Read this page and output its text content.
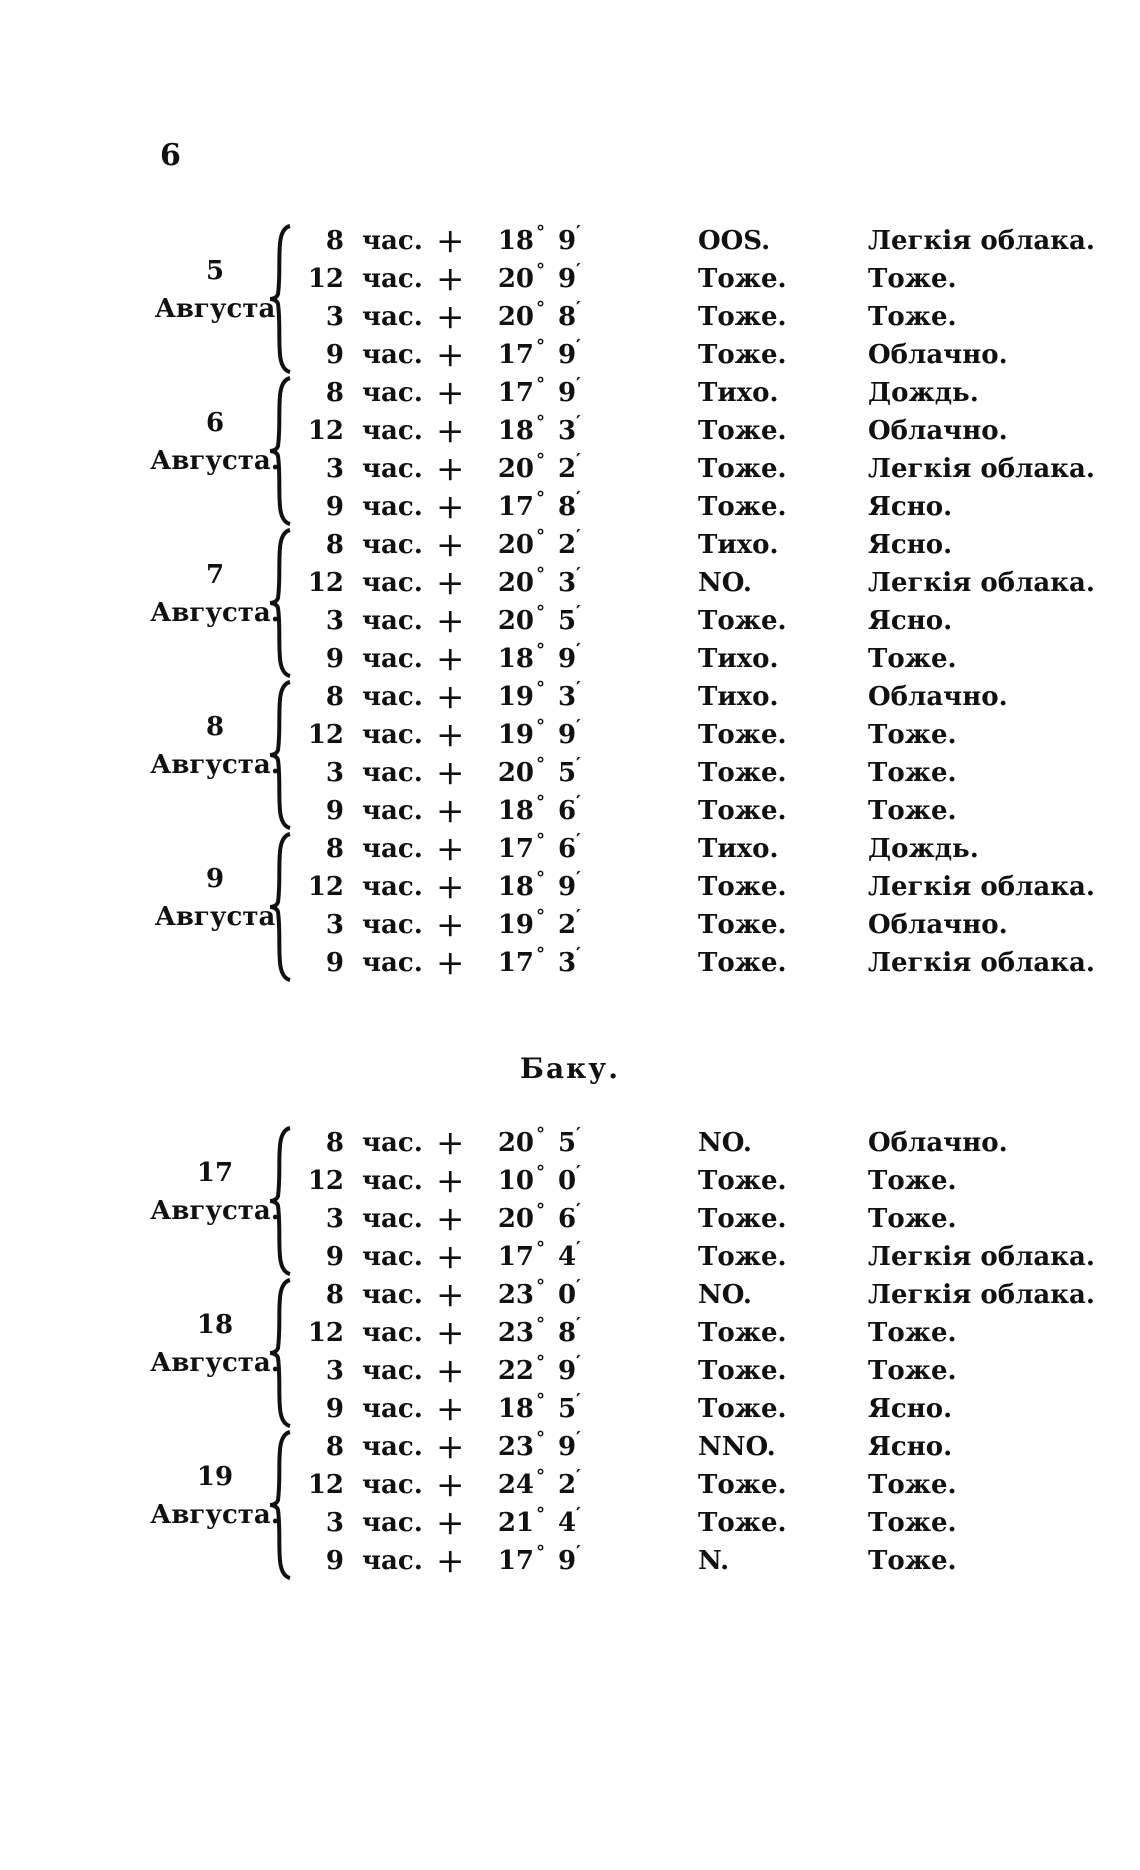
6
5
Августа
8 час. +	18 ° 9 ′	OOS.	Легкія облака.
12 час. +	20 ° 9 ′	Тоже.	Тоже.
3 час. +	20 ° 8 ′	Тоже.	Тоже.
9 час. +	17 ° 9 ′	Тоже.	Облачно.
6
Августа.
8 час. +	17 ° 9 ′	Тихо.	Дождь.
12 час. +	18 ° 3 ′	Тоже.	Облачно.
3 час. +	20 ° 2 ′	Тоже.	Легкія облака.
9 час. +	17 ° 8 ′	Тоже.	Ясно.
7
Августа.
8 час. +	20 ° 2 ′	Тихо.	Ясно.
12 час. +	20 ° 3 ′	NO.	Легкія облака.
3 час. +	20 ° 5 ′	Тоже.	Ясно.
9 час. +	18 ° 9 ′	Тихо.	Тоже.
8
Августа.
8 час. +	19 ° 3 ′	Тихо.	Облачно.
12 час. +	19 ° 9 ′	Тоже.	Тоже.
3 час. +	20 ° 5 ′	Тоже.	Тоже.
9 час. +	18 ° 6 ′	Тоже.	Тоже.
9
Августа
8 час. +	17 ° 6 ′	Тихо.	Дождь.
12 час. +	18 ° 9 ′	Тоже.	Легкія облака.
3 час. +	19 ° 2 ′	Тоже.	Облачно.
9 час. +	17 ° 3 ′	Тоже.	Легкія облака.
Баку.
17
Августа.
8 час. +	20 ° 5 ′	NO.	Облачно.
12 час. +	10 ° 0 ′	Тоже.	Тоже.
3 час. +	20 ° 6 ′	Тоже.	Тоже.
9 час. +	17 ° 4 ′	Тоже.	Легкія облака.
18
Августа.
8 час. +	23 ° 0 ′	NO.	Легкія облака.
12 час. +	23 ° 8 ′	Тоже.	Тоже.
3 час. +	22 ° 9 ′	Тоже.	Тоже.
9 час. +	18 ° 5 ′	Тоже.	Ясно.
19
Августа.
8 час. +	23 ° 9 ′	NNO.	Ясно.
12 час. +	24 ° 2 ′	Тоже.	Тоже.
3 час. +	21 ° 4 ′	Тоже.	Тоже.
9 час. +	17 ° 9 ′	N.	Тоже.
